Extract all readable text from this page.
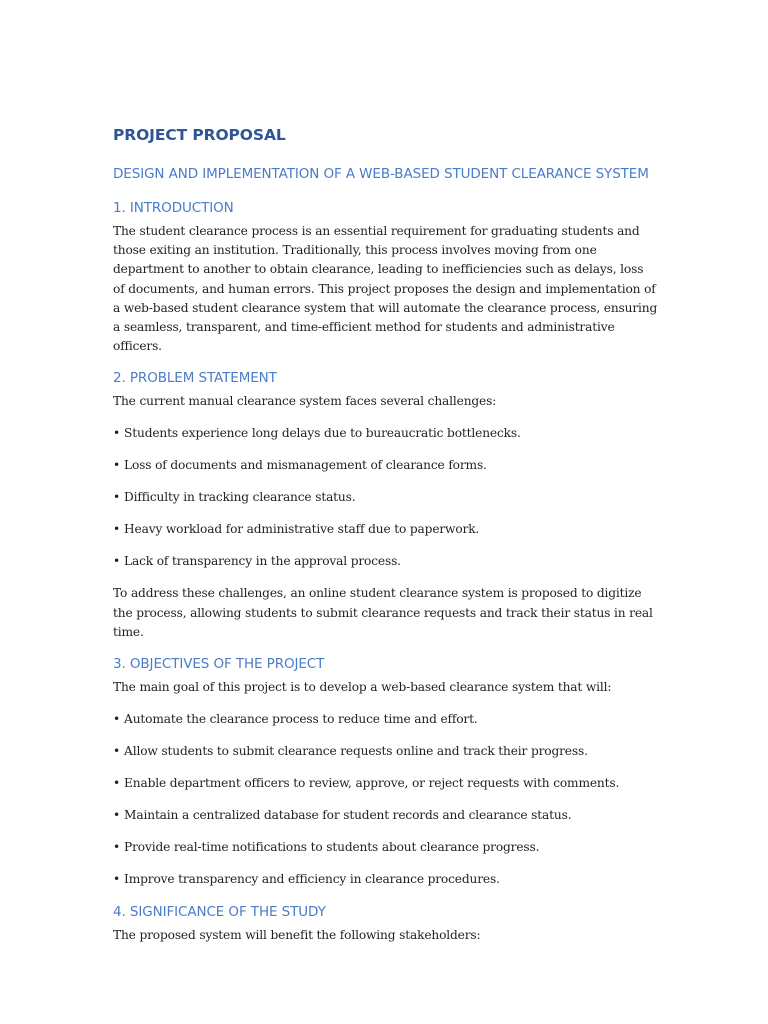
PROJECT PROPOSAL
DESIGN AND IMPLEMENTATION OF A WEB-BASED STUDENT CLEARANCE SYSTEM
1. INTRODUCTION
The student clearance process is an essential requirement for graduating students and those exiting an institution. Traditionally, this process involves moving from one department to another to obtain clearance, leading to inefficiencies such as delays, loss of documents, and human errors. This project proposes the design and implementation of a web-based student clearance system that will automate the clearance process, ensuring a seamless, transparent, and time-efficient method for students and administrative officers.
2. PROBLEM STATEMENT
The current manual clearance system faces several challenges:
• Students experience long delays due to bureaucratic bottlenecks.
• Loss of documents and mismanagement of clearance forms.
• Difficulty in tracking clearance status.
• Heavy workload for administrative staff due to paperwork.
• Lack of transparency in the approval process.
To address these challenges, an online student clearance system is proposed to digitize the process, allowing students to submit clearance requests and track their status in real time.
3. OBJECTIVES OF THE PROJECT
The main goal of this project is to develop a web-based clearance system that will:
• Automate the clearance process to reduce time and effort.
• Allow students to submit clearance requests online and track their progress.
• Enable department officers to review, approve, or reject requests with comments.
• Maintain a centralized database for student records and clearance status.
• Provide real-time notifications to students about clearance progress.
• Improve transparency and efficiency in clearance procedures.
4. SIGNIFICANCE OF THE STUDY
The proposed system will benefit the following stakeholders:
